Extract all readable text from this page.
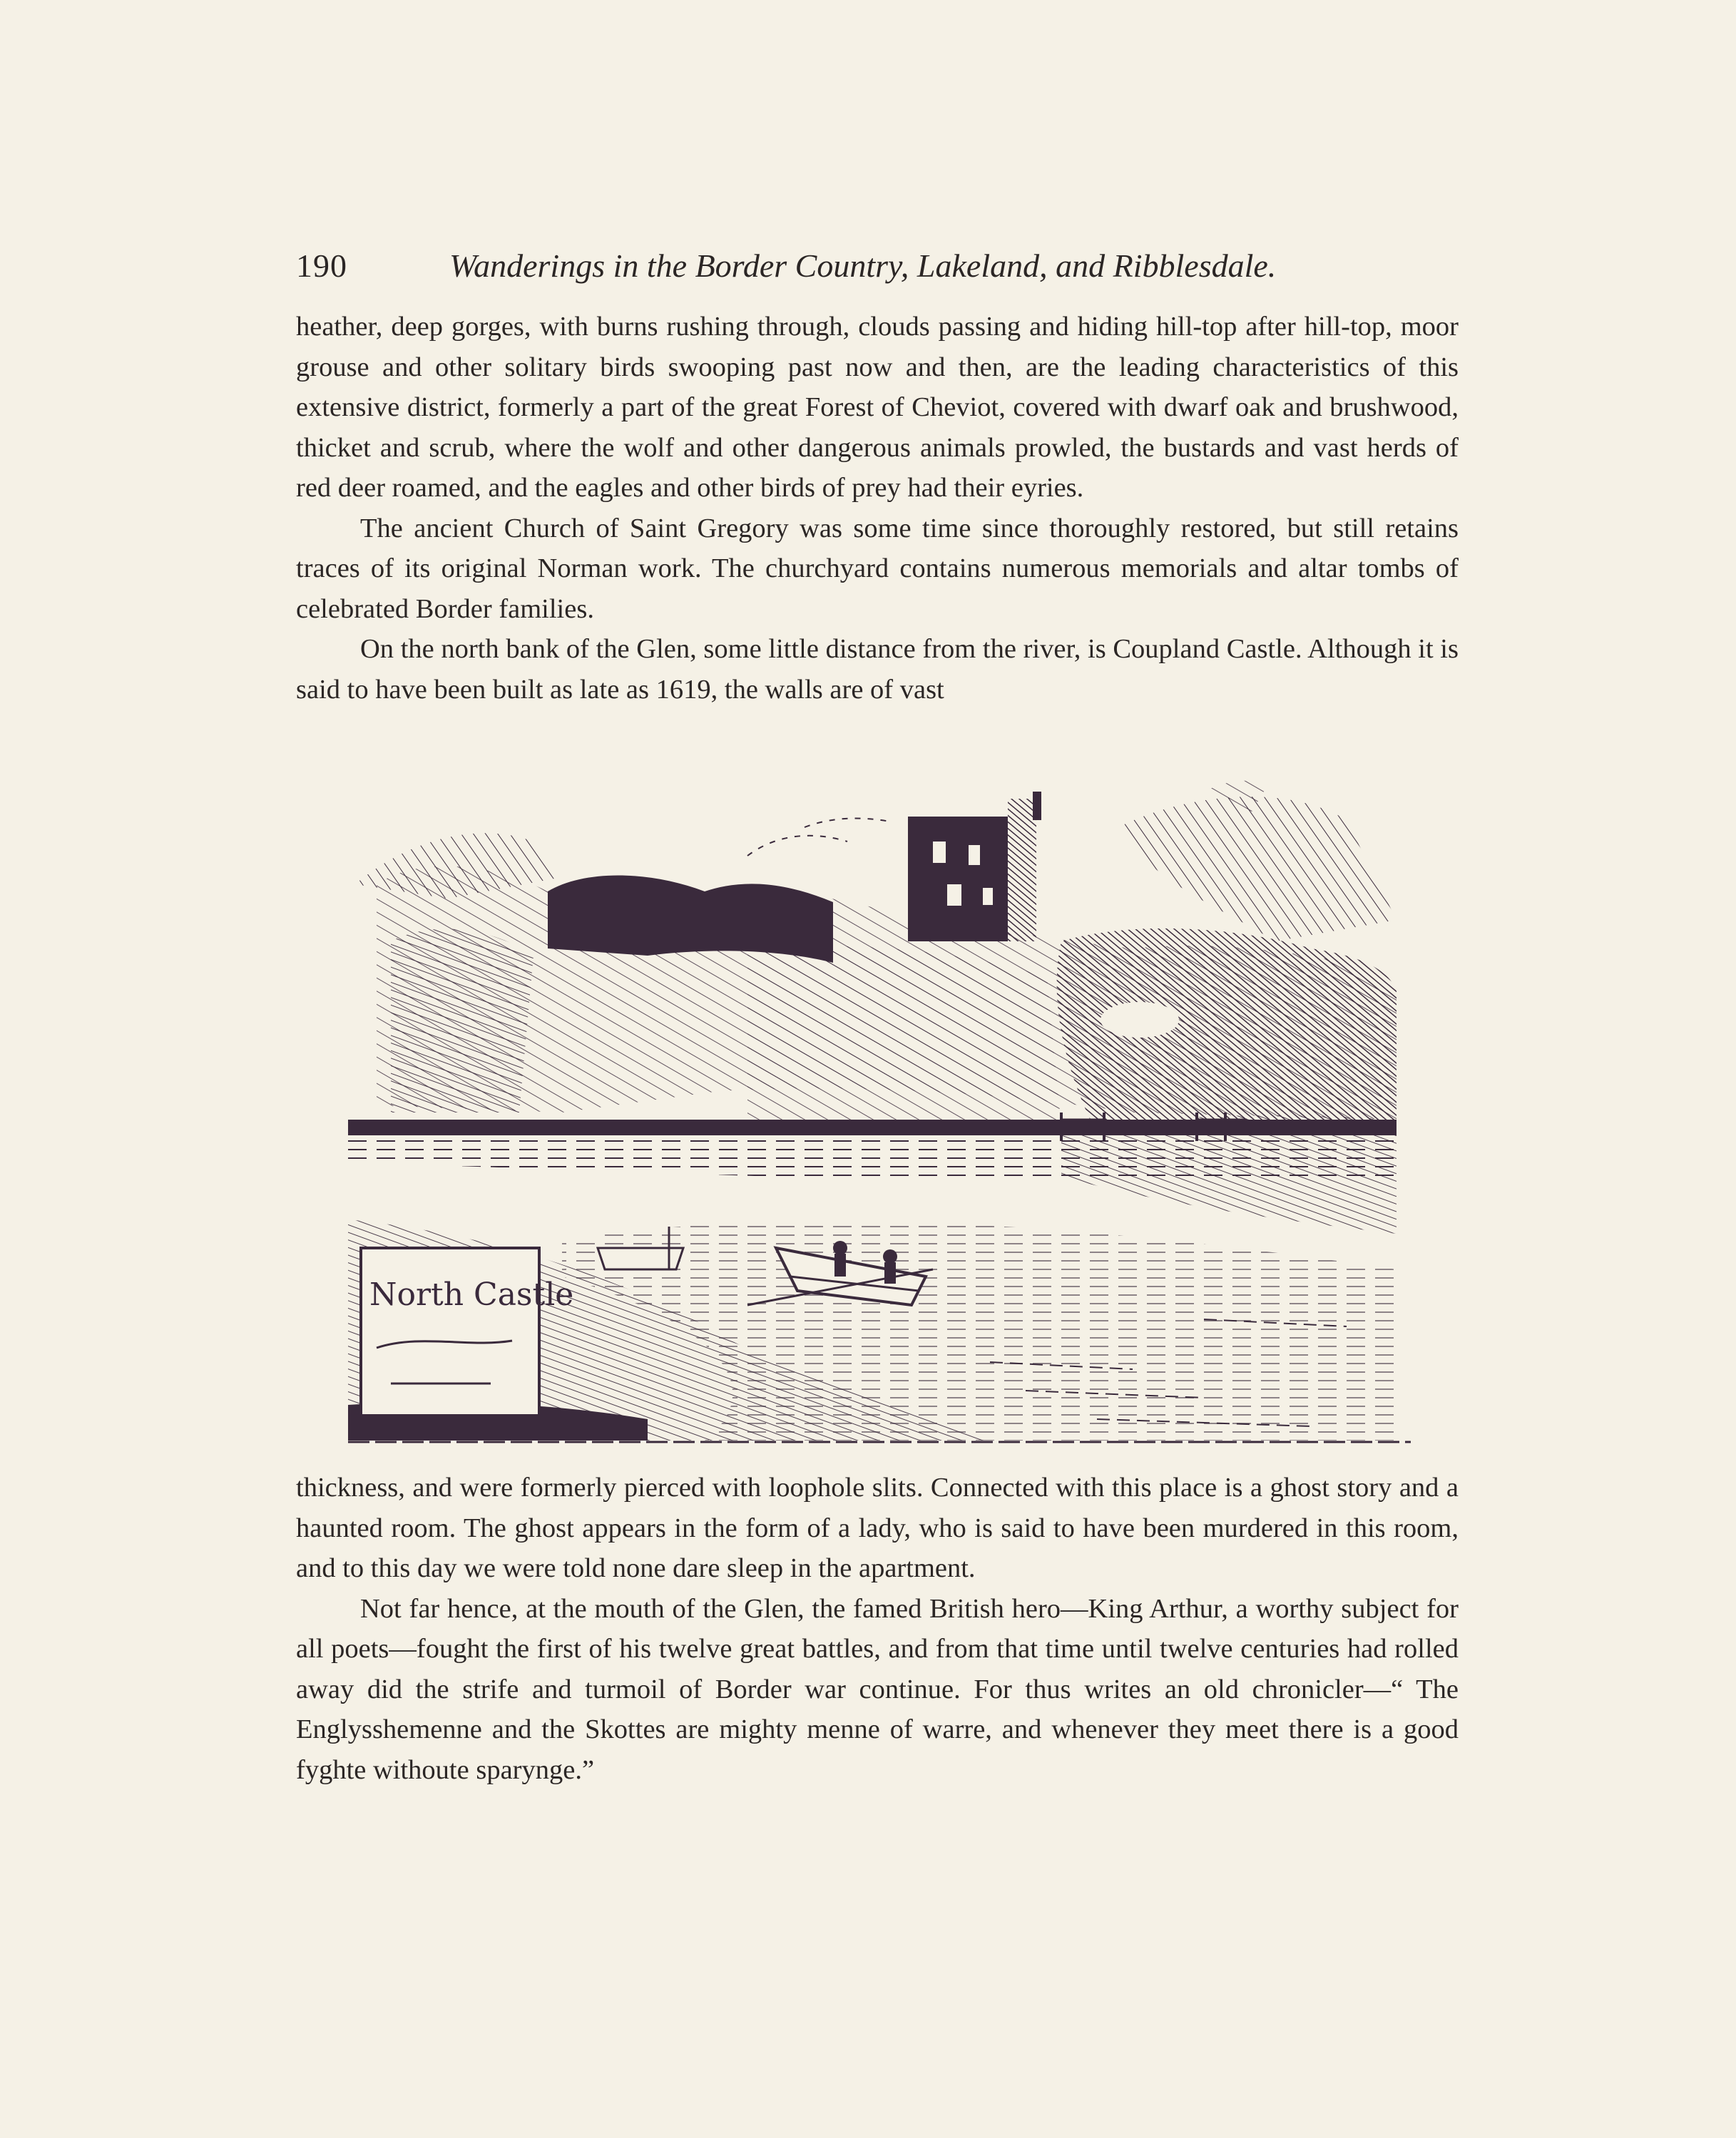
190	Wanderings in the Border Country, Lakeland, and Ribblesdale.

heather, deep gorges, with burns rushing through, clouds passing and hiding hill-top after hill-top, moor grouse and other solitary birds swooping past now and then, are the leading characteristics of this extensive district, formerly a part of the great Forest of Cheviot, covered with dwarf oak and brushwood, thicket and scrub, where the wolf and other dangerous animals prowled, the bustards and vast herds of red deer roamed, and the eagles and other birds of prey had their eyries.

The ancient Church of Saint Gregory was some time since thoroughly restored, but still retains traces of its original Norman work. The churchyard contains numerous memorials and altar tombs of celebrated Border families.

On the north bank of the Glen, some little distance from the river, is Coupland Castle. Although it is said to have been built as late as 1619, the walls are of vast

North Castle

thickness, and were formerly pierced with loophole slits. Connected with this place is a ghost story and a haunted room. The ghost appears in the form of a lady, who is said to have been murdered in this room, and to this day we were told none dare sleep in the apartment.

Not far hence, at the mouth of the Glen, the famed British hero—King Arthur, a worthy subject for all poets—fought the first of his twelve great battles, and from that time until twelve centuries had rolled away did the strife and turmoil of Border war continue. For thus writes an old chronicler—“ The Englysshemenne and the Skottes are mighty menne of warre, and whenever they meet there is a good fyghte withoute sparynge.”
